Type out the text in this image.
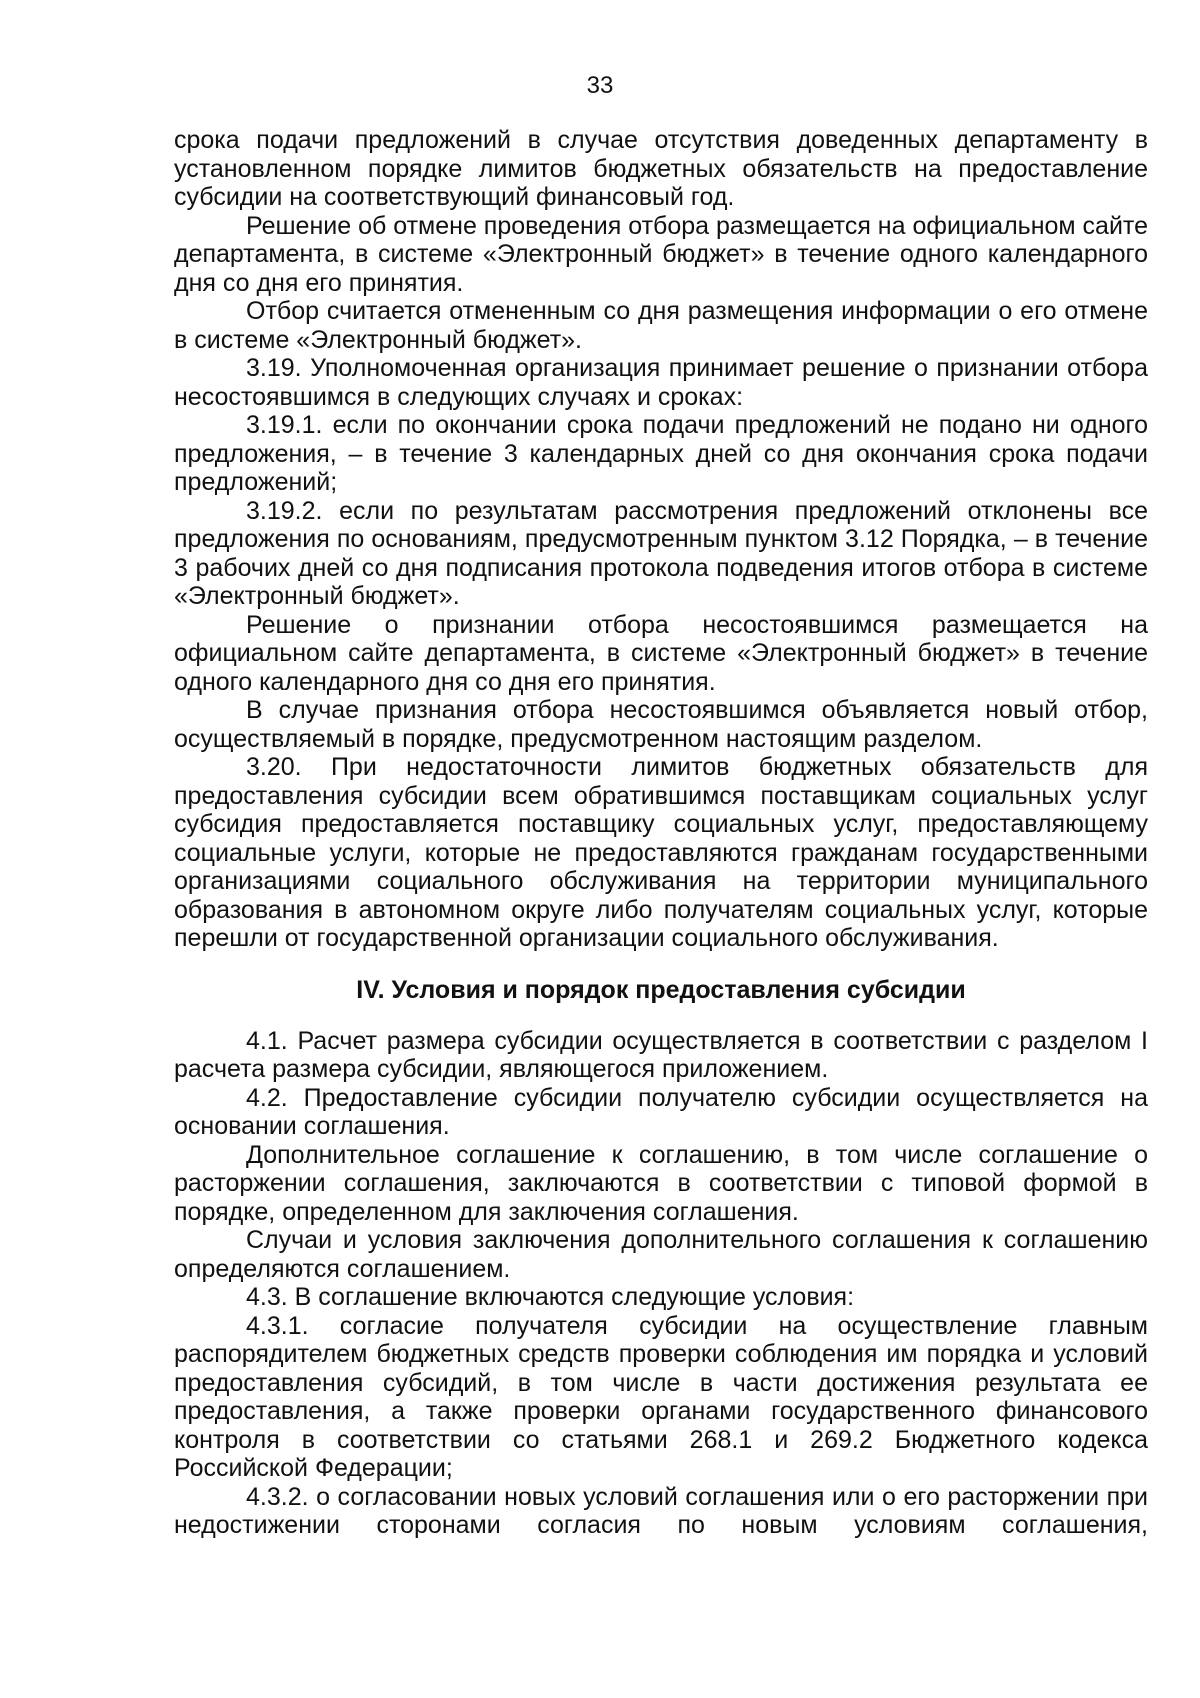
33

срока подачи предложений в случае отсутствия доведенных департаменту в установленном порядке лимитов бюджетных обязательств на предоставление субсидии на соответствующий финансовый год.

Решение об отмене проведения отбора размещается на официальном сайте департамента, в системе «Электронный бюджет» в течение одного календарного дня со дня его принятия.

Отбор считается отмененным со дня размещения информации о его отмене в системе «Электронный бюджет».

3.19. Уполномоченная организация принимает решение о признании отбора несостоявшимся в следующих случаях и сроках:

3.19.1. если по окончании срока подачи предложений не подано ни одного предложения, – в течение 3 календарных дней со дня окончания срока подачи предложений;

3.19.2. если по результатам рассмотрения предложений отклонены все предложения по основаниям, предусмотренным пунктом 3.12 Порядка, – в течение 3 рабочих дней со дня подписания протокола подведения итогов отбора в системе «Электронный бюджет».

Решение о признании отбора несостоявшимся размещается на официальном сайте департамента, в системе «Электронный бюджет» в течение одного календарного дня со дня его принятия.

В случае признания отбора несостоявшимся объявляется новый отбор, осуществляемый в порядке, предусмотренном настоящим разделом.

3.20. При недостаточности лимитов бюджетных обязательств для предоставления субсидии всем обратившимся поставщикам социальных услуг субсидия предоставляется поставщику социальных услуг, предоставляющему социальные услуги, которые не предоставляются гражданам государственными организациями социального обслуживания на территории муниципального образования в автономном округе либо получателям социальных услуг, которые перешли от государственной организации социального обслуживания.

IV. Условия и порядок предоставления субсидии

4.1. Расчет размера субсидии осуществляется в соответствии с разделом I расчета размера субсидии, являющегося приложением.

4.2. Предоставление субсидии получателю субсидии осуществляется на основании соглашения.

Дополнительное соглашение к соглашению, в том числе соглашение о расторжении соглашения, заключаются в соответствии с типовой формой в порядке, определенном для заключения соглашения.

Случаи и условия заключения дополнительного соглашения к соглашению определяются соглашением.

4.3. В соглашение включаются следующие условия:

4.3.1. согласие получателя субсидии на осуществление главным распорядителем бюджетных средств проверки соблюдения им порядка и условий предоставления субсидий, в том числе в части достижения результата ее предоставления, а также проверки органами государственного финансового контроля в соответствии со статьями 268.1 и 269.2 Бюджетного кодекса Российской Федерации;

4.3.2. о согласовании новых условий соглашения или о его расторжении при недостижении сторонами согласия по новым условиям соглашения,
